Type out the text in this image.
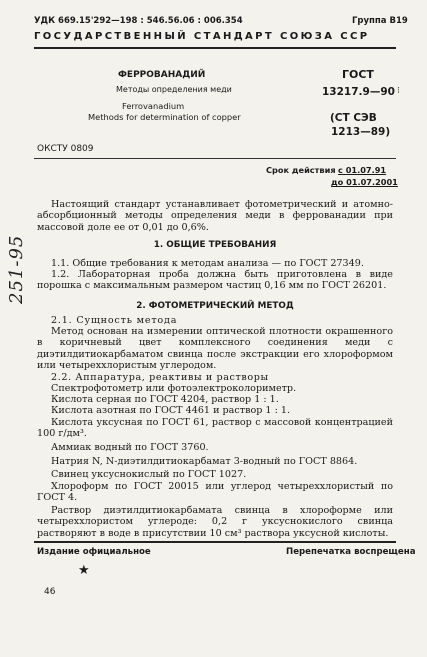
УДК 669.15'292—198 : 546.56.06 : 006.354	Группа В19
ГОСУДАРСТВЕННЫЙ СТАНДАРТ СОЮЗА ССР
ФЕРРОВАНАДИЙ
Методы определения меди
Ferrovanadium
Methods for determination of copper
ГОСТ
13217.9—90 ⁝
(СТ СЭВ
1213—89)
ОКСТУ 0809
Срок действия с 01.07.91
до 01.07.2001
Настоящий стандарт устанавливает фотометрический и атомно-абсорбционный методы определения меди в феррованадии при массовой доле ее от 0,01 до 0,6%.
1. ОБЩИЕ ТРЕБОВАНИЯ
1.1. Общие требования к методам анализа — по ГОСТ 27349.
1.2. Лабораторная проба должна быть приготовлена в виде порошка с максимальным размером частиц 0,16 мм по ГОСТ 26201.
2. ФОТОМЕТРИЧЕСКИЙ МЕТОД
2.1. Сущность метода
Метод основан на измерении оптической плотности окрашенного в коричневый цвет комплексного соединения меди с диэтилдитиокарбаматом свинца после экстракции его хлороформом или четыреххлористым углеродом.
2.2. Аппаратура, реактивы и растворы
Спектрофотометр или фотоэлектроколориметр.
Кислота серная по ГОСТ 4204, раствор 1 : 1.
Кислота азотная по ГОСТ 4461 и раствор 1 : 1.
Кислота уксусная по ГОСТ 61, раствор с массовой концентрацией 100 г/дм³.
Аммиак водный по ГОСТ 3760.
Натрия N, N-диэтилдитиокарбамат 3-водный по ГОСТ 8864.
Свинец уксуснокислый по ГОСТ 1027.
Хлороформ по ГОСТ 20015 или углерод четыреххлористый по ГОСТ 4.
Раствор диэтилдитиокарбамата свинца в хлороформе или четыреххлористом углероде: 0,2 г уксуснокислого свинца растворяют в воде в присутствии 10 см³ раствора уксусной кислоты.
251-95
Издание официальное	Перепечатка воспрещена
★
46
